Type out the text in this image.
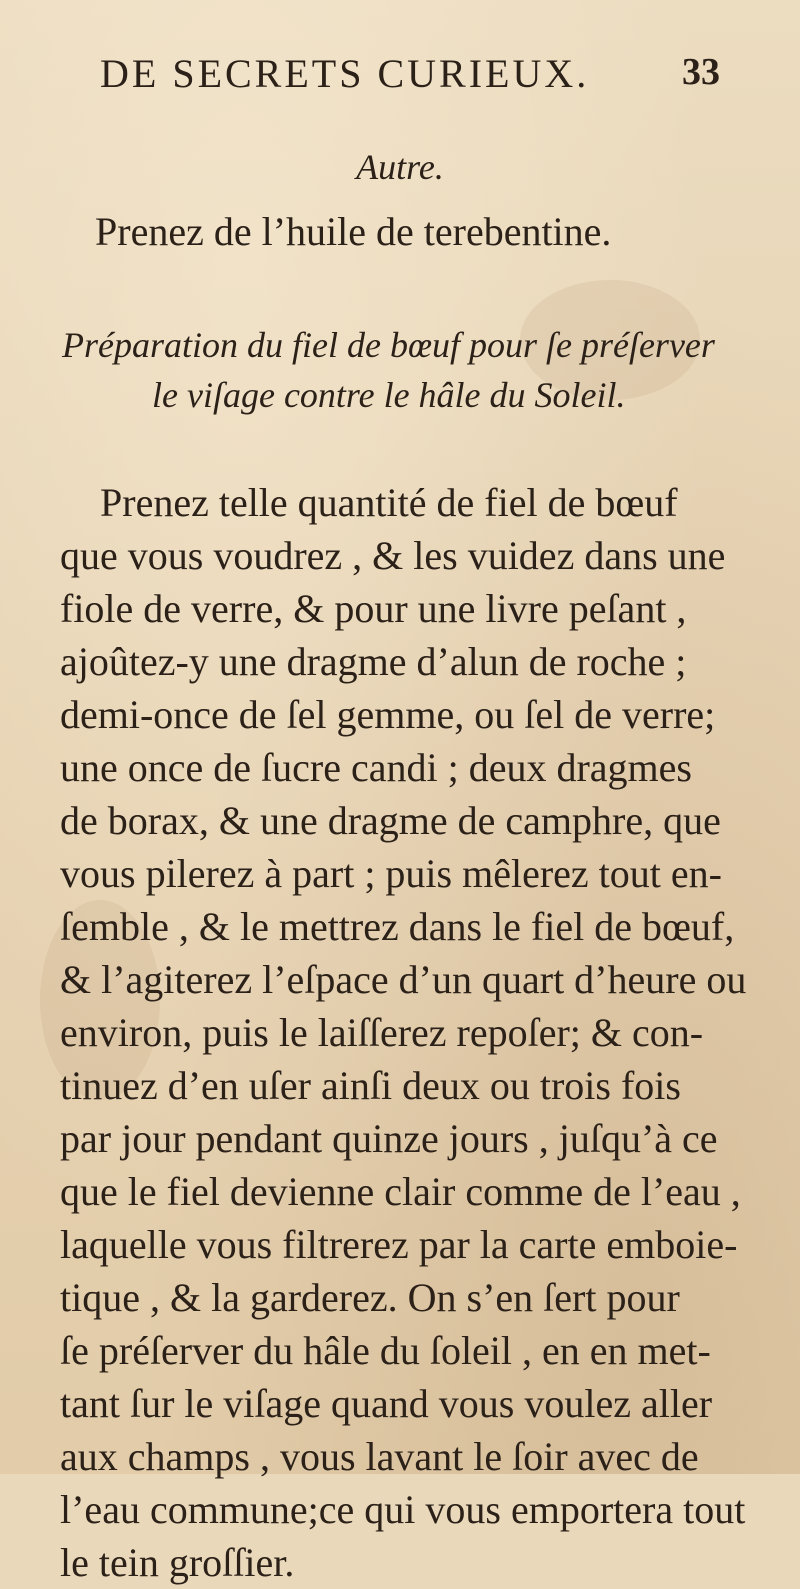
DE SECRETS CURIEUX. 33
Autre.
Prenez de l’huile de terebentine.
Préparation du fiel de bœuf pour ſe préſerver
le viſage contre le hâle du Soleil.
Prenez telle quantité de fiel de bœuf
que vous voudrez , & les vuidez dans une
fiole de verre, & pour une livre peſant ,
ajoûtez-y une dragme d’alun de roche ;
demi-once de ſel gemme, ou ſel de verre;
une once de ſucre candi ; deux dragmes
de borax, & une dragme de camphre, que
vous pilerez à part ; puis mêlerez tout en-
ſemble , & le mettrez dans le fiel de bœuf,
& l’agiterez l’eſpace d’un quart d’heure ou
environ, puis le laiſſerez repoſer; & con-
tinuez d’en uſer ainſi deux ou trois fois
par jour pendant quinze jours , juſqu’à ce
que le fiel devienne clair comme de l’eau ,
laquelle vous filtrerez par la carte emboie-
tique , & la garderez. On s’en ſert pour
ſe préſerver du hâle du ſoleil , en en met-
tant ſur le viſage quand vous voulez aller
aux champs , vous lavant le ſoir avec de
l’eau commune;ce qui vous emportera tout
le tein groſſier.
